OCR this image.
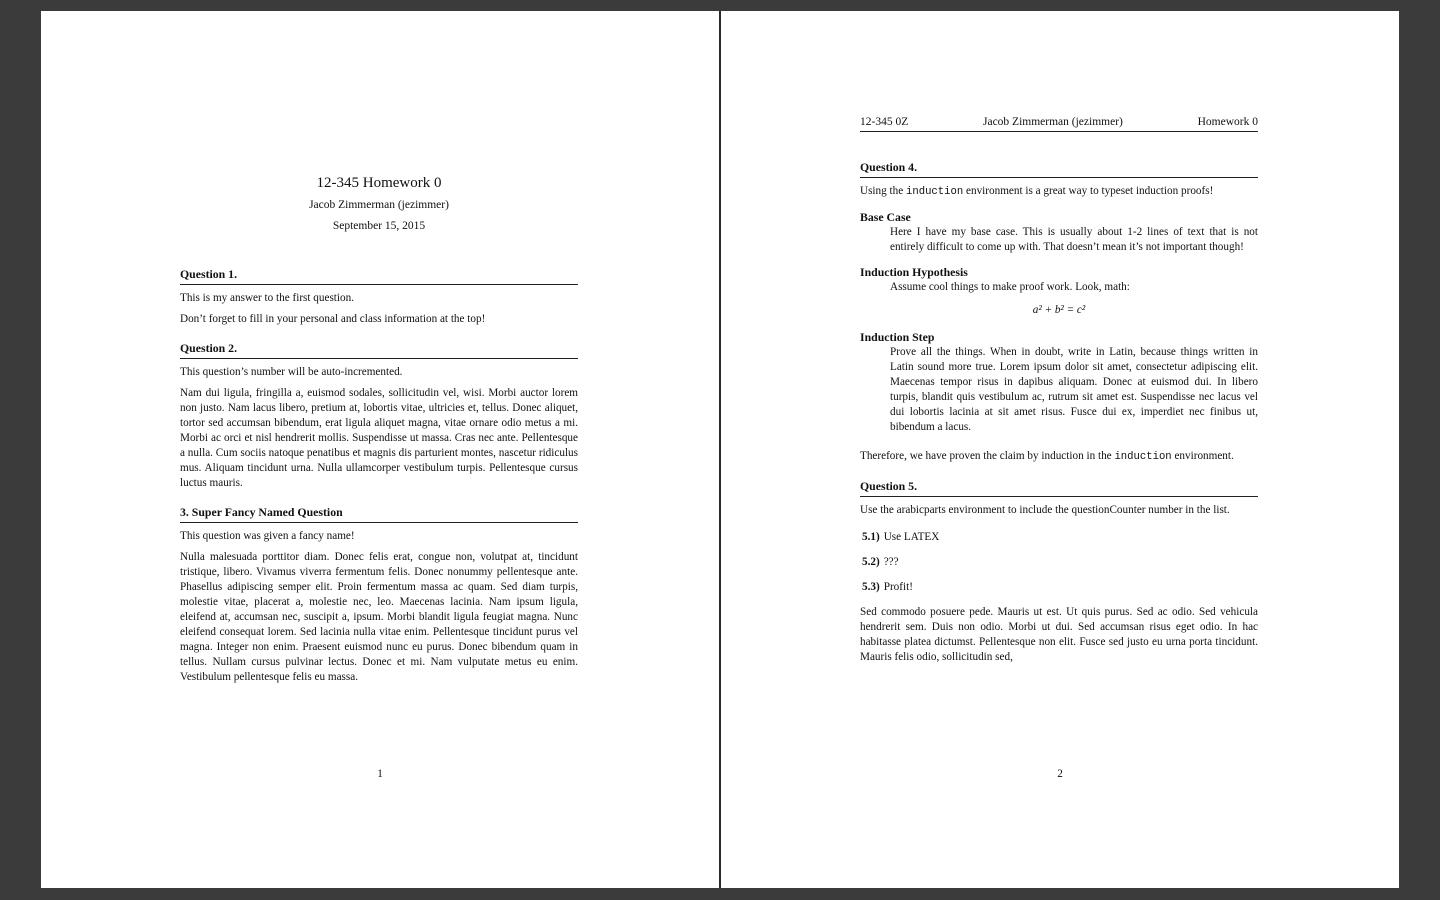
12-345 Homework 0
Jacob Zimmerman (jezimmer)
September 15, 2015
Question 1.

This is my answer to the first question.

Don’t forget to fill in your personal and class information at the top!

Question 2.

This question’s number will be auto-incremented.

Nam dui ligula, fringilla a, euismod sodales, sollicitudin vel, wisi. Morbi auctor lorem non justo. Nam lacus libero, pretium at, lobortis vitae, ultricies et, tellus. Donec aliquet, tortor sed accumsan bibendum, erat ligula aliquet magna, vitae ornare odio metus a mi. Morbi ac orci et nisl hendrerit mollis. Suspendisse ut massa. Cras nec ante. Pellentesque a nulla. Cum sociis natoque penatibus et magnis dis parturient montes, nascetur ridiculus mus. Aliquam tincidunt urna. Nulla ullamcorper vestibulum turpis. Pellentesque cursus luctus mauris.

3. Super Fancy Named Question

This question was given a fancy name!

Nulla malesuada porttitor diam. Donec felis erat, congue non, volutpat at, tincidunt tristique, libero. Vivamus viverra fermentum felis. Donec nonummy pellentesque ante. Phasellus adipiscing semper elit. Proin fermentum massa ac quam. Sed diam turpis, molestie vitae, placerat a, molestie nec, leo. Maecenas lacinia. Nam ipsum ligula, eleifend at, accumsan nec, suscipit a, ipsum. Morbi blandit ligula feugiat magna. Nunc eleifend consequat lorem. Sed lacinia nulla vitae enim. Pellentesque tincidunt purus vel magna. Integer non enim. Praesent euismod nunc eu purus. Donec bibendum quam in tellus. Nullam cursus pulvinar lectus. Donec et mi. Nam vulputate metus eu enim. Vestibulum pellentesque felis eu massa.

1
12-345 0Z	Jacob Zimmerman (jezimmer)	Homework 0
Question 4.

Using the induction environment is a great way to typeset induction proofs!

Base Case
Here I have my base case. This is usually about 1-2 lines of text that is not entirely difficult to come up with. That doesn’t mean it’s not important though!
Induction Hypothesis
Assume cool things to make proof work. Look, math:
a² + b² = c²
Induction Step
Prove all the things. When in doubt, write in Latin, because things written in Latin sound more true. Lorem ipsum dolor sit amet, consectetur adipiscing elit. Maecenas tempor risus in dapibus aliquam. Donec at euismod dui. In libero turpis, blandit quis vestibulum ac, rutrum sit amet est. Suspendisse nec lacus vel dui lobortis lacinia at sit amet risus. Fusce dui ex, imperdiet nec finibus ut, bibendum a lacus.

Therefore, we have proven the claim by induction in the induction environment.

Question 5.

Use the arabicparts environment to include the questionCounter number in the list.

5.1) Use LATEX
5.2) ???
5.3) Profit!

Sed commodo posuere pede. Mauris ut est. Ut quis purus. Sed ac odio. Sed vehicula hendrerit sem. Duis non odio. Morbi ut dui. Sed accumsan risus eget odio. In hac habitasse platea dictumst. Pellentesque non elit. Fusce sed justo eu urna porta tincidunt. Mauris felis odio, sollicitudin sed,

2
